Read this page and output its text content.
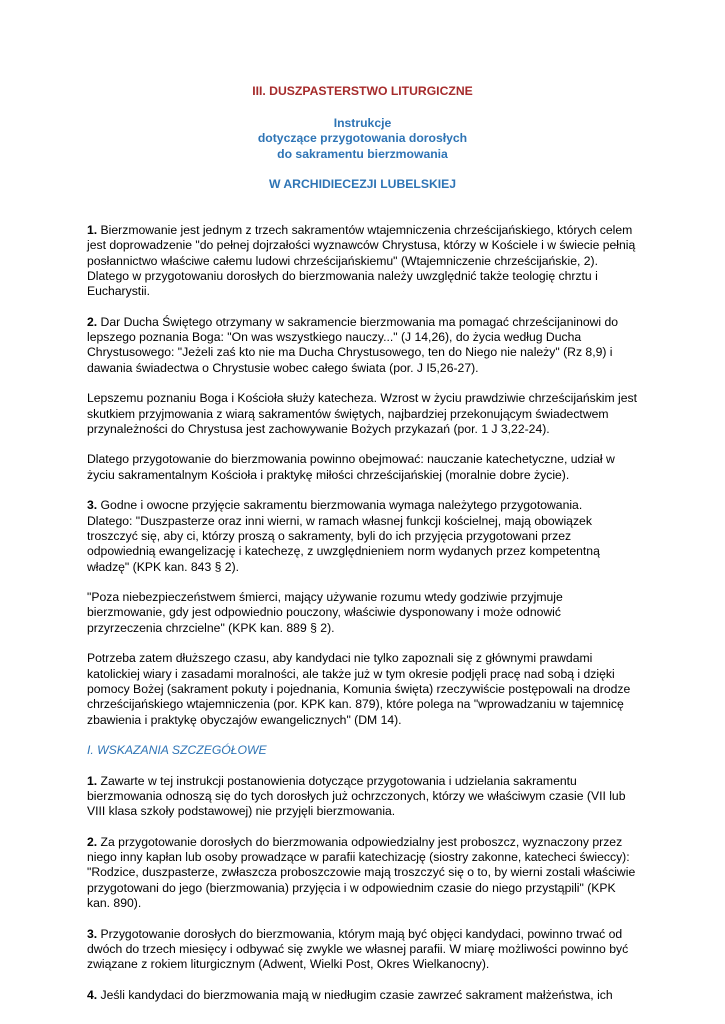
III. DUSZPASTERSTWO LITURGICZNE
Instrukcje
dotyczące przygotowania dorosłych
do sakramentu bierzmowania
W ARCHIDIECEZJI LUBELSKIEJ
1. Bierzmowanie jest jednym z trzech sakramentów wtajemniczenia chrześcijańskiego, których celem
jest doprowadzenie "do pełnej dojrzałości wyznawców Chrystusa, którzy w Kościele i w świecie pełnią
posłannictwo właściwe całemu ludowi chrześcijańskiemu" (Wtajemniczenie chrześcijańskie, 2).
Dlatego w przygotowaniu dorosłych do bierzmowania należy uwzględnić także teologię chrztu i
Eucharystii.
2. Dar Ducha Świętego otrzymany w sakramencie bierzmowania ma pomagać chrześcijaninowi do
lepszego poznania Boga: "On was wszystkiego nauczy..." (J 14,26), do życia według Ducha
Chrystusowego: "Jeżeli zaś kto nie ma Ducha Chrystusowego, ten do Niego nie należy" (Rz 8,9) i
dawania świadectwa o Chrystusie wobec całego świata (por. J I5,26-27).
Lepszemu poznaniu Boga i Kościoła służy katecheza. Wzrost w życiu prawdziwie chrześcijańskim jest
skutkiem przyjmowania z wiarą sakramentów świętych, najbardziej przekonującym świadectwem
przynależności do Chrystusa jest zachowywanie Bożych przykazań (por. 1 J 3,22-24).
Dlatego przygotowanie do bierzmowania powinno obejmować: nauczanie katechetyczne, udział w
życiu sakramentalnym Kościoła i praktykę miłości chrześcijańskiej (moralnie dobre życie).
3. Godne i owocne przyjęcie sakramentu bierzmowania wymaga należytego przygotowania.
Dlatego: "Duszpasterze oraz inni wierni, w ramach własnej funkcji kościelnej, mają obowiązek
troszczyć się, aby ci, którzy proszą o sakramenty, byli do ich przyjęcia przygotowani przez
odpowiednią ewangelizację i katechezę, z uwzględnieniem norm wydanych przez kompetentną
władzę" (KPK kan. 843 § 2).
"Poza niebezpieczeństwem śmierci, mający używanie rozumu wtedy godziwie przyjmuje
bierzmowanie, gdy jest odpowiednio pouczony, właściwie dysponowany i może odnowić
przyrzeczenia chrzcielne" (KPK kan. 889 § 2).
Potrzeba zatem dłuższego czasu, aby kandydaci nie tylko zapoznali się z głównymi prawdami
katolickiej wiary i zasadami moralności, ale także już w tym okresie podjęli pracę nad sobą i dzięki
pomocy Bożej (sakrament pokuty i pojednania, Komunia święta) rzeczywiście postępowali na drodze
chrześcijańskiego wtajemniczenia (por. KPK kan. 879), które polega na "wprowadzaniu w tajemnicę
zbawienia i praktykę obyczajów ewangelicznych" (DM 14).
I. WSKAZANIA SZCZEGÓŁOWE
1. Zawarte w tej instrukcji postanowienia dotyczące przygotowania i udzielania sakramentu
bierzmowania odnoszą się do tych dorosłych już ochrzczonych, którzy we właściwym czasie (VII lub
VIII klasa szkoły podstawowej) nie przyjęli bierzmowania.
2. Za przygotowanie dorosłych do bierzmowania odpowiedzialny jest proboszcz, wyznaczony przez
niego inny kapłan lub osoby prowadzące w parafii katechizację (siostry zakonne, katecheci świeccy):
"Rodzice, duszpasterze, zwłaszcza proboszczowie mają troszczyć się o to, by wierni zostali właściwie
przygotowani do jego (bierzmowania) przyjęcia i w odpowiednim czasie do niego przystąpili" (KPK
kan. 890).
3. Przygotowanie dorosłych do bierzmowania, którym mają być objęci kandydaci, powinno trwać od
dwóch do trzech miesięcy i odbywać się zwykle we własnej parafii. W miarę możliwości powinno być
związane z rokiem liturgicznym (Adwent, Wielki Post, Okres Wielkanocny).
4. Jeśli kandydaci do bierzmowania mają w niedługim czasie zawrzeć sakrament małżeństwa, ich
